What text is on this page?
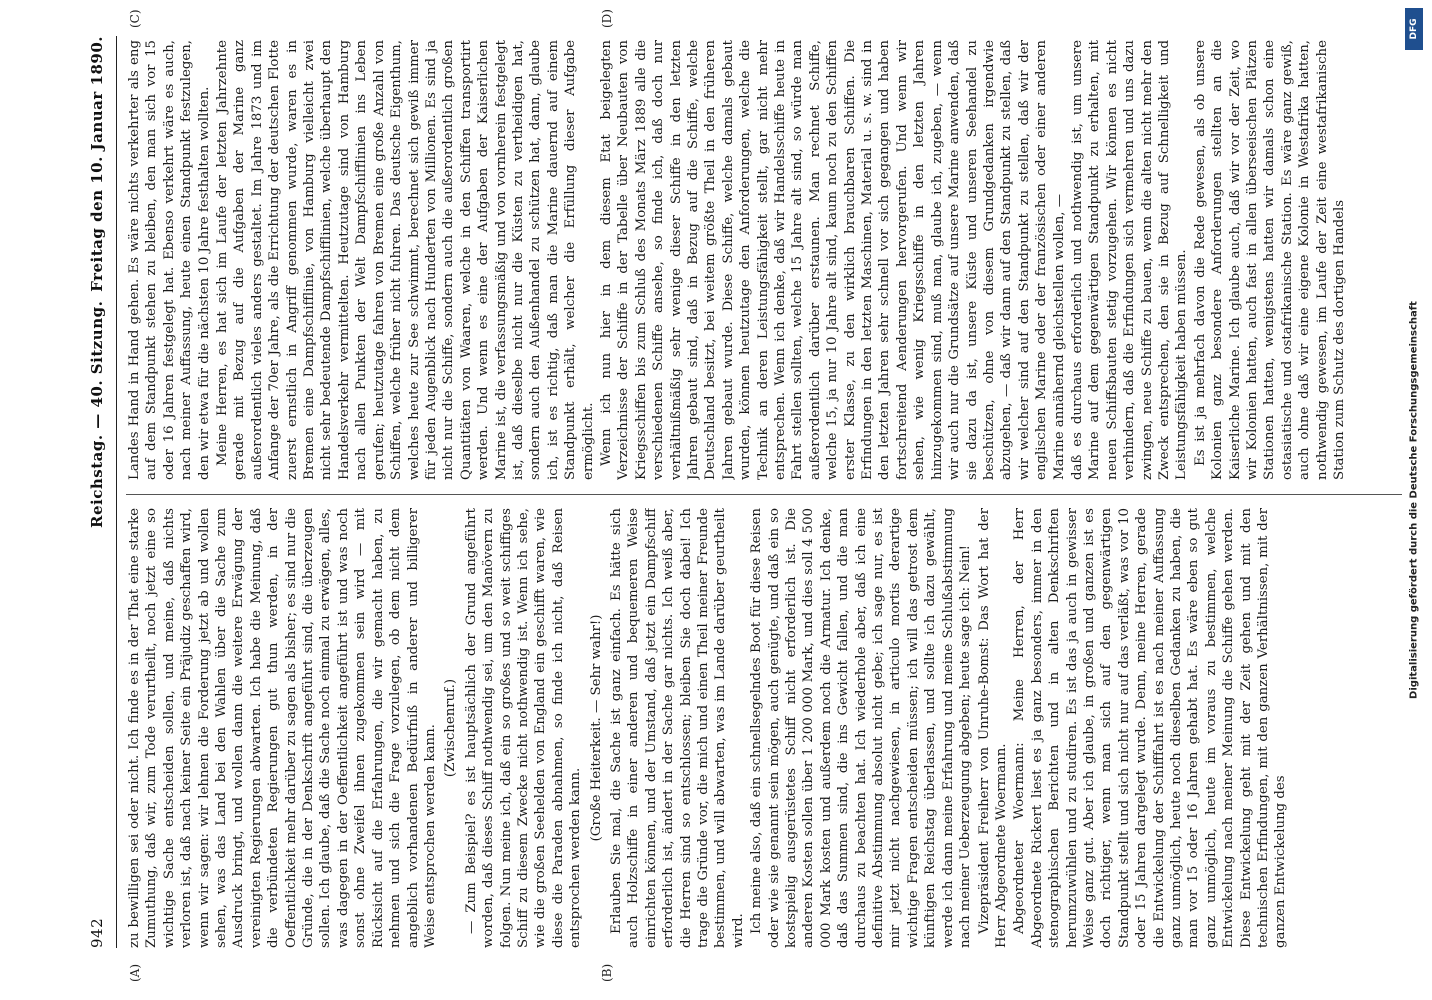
942
Reichstag. — 40. Sitzung.
Freitag den 10. Januar 1890.
(A)	(B)
(C)	(D)

zu bewilligen sei oder nicht. Ich finde es in der That eine starke Zumuthung, daß wir, zum Tode verurtheilt, noch jetzt eine so wichtige Sache entscheiden sollen, und meine, daß nichts verloren ist, daß nach keiner Seite ein Präjudiz geschaffen wird, wenn wir sagen: wir lehnen die Forderung jetzt ab und wollen sehen, was das Land bei den Wahlen über die Sache zum Ausdruck bringt, und wollen dann die weitere Erwägung der vereinigten Regierungen abwarten. Ich habe die Meinung, daß die verbündeten Regierungen gut thun werden, in der Oeffentlichkeit mehr darüber zu sagen als bisher; es sind nur die Gründe, die in der Denkschrift angeführt sind, die überzeugen sollen. Ich glaube, daß die Sache noch einmal zu erwägen, alles, was dagegen in der Oeffentlichkeit angeführt ist und was noch sonst ohne Zweifel ihnen zugekommen sein wird — mit Rücksicht auf die Erfahrungen, die wir gemacht haben, zu nehmen und sich die Frage vorzulegen, ob dem nicht dem angeblich vorhandenen Bedürfniß in anderer und billigerer Weise entsprochen werden kann. (Zwischenruf.) — Zum Beispiel? es ist hauptsächlich der Grund angeführt worden, daß dieses Schiff nothwendig sei, um den Manövern zu folgen. Nun meine ich, daß ein so großes und so weit schiffiges Schiff zu diesem Zwecke nicht nothwendig ist. Wenn ich sehe, wie die großen Seehelden von England ein geschifft waren, wie diese die Paraden abnahmen, so finde ich nicht, daß Reisen entsprochen werden kann.

(Große Heiterkeit. — Sehr wahr!) Erlauben Sie mal, die Sache ist ganz einfach. Es hätte sich auch Holzschiffe in einer anderen und bequemeren Weise einrichten können, und der Umstand, daß jetzt ein Dampfschiff erforderlich ist, ändert in der Sache gar nichts. Ich weiß aber, die Herren sind so entschlossen; bleiben Sie doch dabei! Ich trage die Gründe vor, die mich und einen Theil meiner Freunde bestimmen, und will abwarten, was im Lande darüber geurtheilt wird. Ich meine also, daß ein schnellsegelndes Boot für diese Reisen oder wie sie genannt sein mögen, auch genügte, und daß ein so kostspielig ausgerüstetes Schiff nicht erforderlich ist. Die anderen Kosten sollen über 1 200 000 Mark, und dies soll 4 500 000 Mark kosten und außerdem noch die Armatur. Ich denke, daß das Summen sind, die ins Gewicht fallen, und die man durchaus zu beachten hat. Ich wiederhole aber, daß ich eine definitive Abstimmung absolut nicht gebe; ich sage nur, es ist mir jetzt nicht nachgewiesen, in articulo mortis derartige wichtige Fragen entscheiden müssen; ich will das getrost dem künftigen Reichstag überlassen, und sollte ich dazu gewählt, werde ich dann meine Erfahrung und meine Schlußabstimmung nach meiner Ueberzeugung abgeben; heute sage ich: Nein! Vizepräsident Freiherr von Unruhe-Bomst: Das Wort hat der Herr Abgeordnete Woermann. Abgeordneter Woermann: Meine Herren, der Herr Abgeordnete Rickert liest es ja ganz besonders, immer in den stenographischen Berichten und in alten Denkschriften herumzuwühlen und zu studiren. Es ist das ja auch in gewisser Weise ganz gut. Aber ich glaube, in großen und ganzen ist es doch richtiger, wenn man sich auf den gegenwärtigen Standpunkt stellt und sich nicht nur auf das verläßt, was vor 10 oder 15 Jahren dargelegt wurde. Denn, meine Herren, gerade die Entwickelung der Schifffahrt ist es nach meiner Auffassung ganz unmöglich, heute noch dieselben Gedanken zu haben, die man vor 15 oder 16 Jahren gehabt hat. Es wäre eben so gut ganz unmöglich, heute im voraus zu bestimmen, welche Entwickelung nach meiner Meinung die Schiffe gehen werden. Diese Entwickelung geht mit der Zeit gehen und mit den technischen Erfindungen, mit den ganzen Verhältnissen, mit der ganzen Entwickelung des

Landes Hand in Hand gehen. Es wäre nichts verkehrter als eng auf dem Standpunkt stehen zu bleiben, den man sich vor 15 oder 16 Jahren festgelegt hat. Ebenso verkehrt wäre es auch, nach meiner Auffassung, heute einen Standpunkt festzulegen, den wir etwa für die nächsten 10 Jahre festhalten wollten. Meine Herren, es hat sich im Laufe der letzten Jahrzehnte gerade mit Bezug auf die Aufgaben der Marine ganz außerordentlich vieles anders gestaltet. Im Jahre 1873 und im Anfange der 70er Jahre, als die Errichtung der deutschen Flotte zuerst ernstlich in Angriff genommen wurde, waren es in Bremen eine Dampfschifflinie, von Hamburg vielleicht zwei nicht sehr bedeutende Dampfschifflinien, welche überhaupt den Handelsverkehr vermittelten. Heutzutage sind von Hamburg nach allen Punkten der Welt Dampfschifflinien ins Leben gerufen; heutzutage fahren von Bremen eine große Anzahl von Schiffen, welche früher nicht fuhren. Das deutsche Eigenthum, welches heute zur See schwimmt, berechnet sich gewiß immer für jeden Augenblick nach Hunderten von Millionen. Es sind ja nicht nur die Schiffe, sondern auch die außerordentlich großen Quantitäten von Waaren, welche in den Schiffen transportirt werden. Und wenn es eine der Aufgaben der Kaiserlichen Marine ist, die verfassungsmäßig und von vornherein festgelegt ist, daß dieselbe nicht nur die Küsten zu vertheidigen hat, sondern auch den Außenhandel zu schützen hat, dann, glaube ich, ist es richtig, daß man die Marine dauernd auf einem Standpunkt erhält, welcher die Erfüllung dieser Aufgabe ermöglicht. Wenn ich nun hier in dem diesem Etat beigelegten Verzeichnisse der Schiffe in der Tabelle über Neubauten von Kriegsschiffen bis zum Schluß des Monats März 1889 alle die verschiedenen Schiffe ansehe, so finde ich, daß doch nur verhältnißmäßig sehr wenige dieser Schiffe in den letzten Jahren gebaut sind, daß in Bezug auf die Schiffe, welche Deutschland besitzt, bei weitem größte Theil in den früheren Jahren gebaut wurde. Diese Schiffe, welche damals gebaut wurden, können heutzutage den Anforderungen, welche die Technik an deren Leistungsfähigkeit stellt, gar nicht mehr entsprechen. Wenn ich denke, daß wir Handelsschiffe heute in Fahrt stellen sollten, welche 15 Jahre alt sind, so würde man außerordentlich darüber erstaunen. Man rechnet Schiffe, welche 15, ja nur 10 Jahre alt sind, kaum noch zu den Schiffen erster Klasse, zu den wirklich brauchbaren Schiffen. Die Erfindungen in den letzten Maschinen, Material u. s. w. sind in den letzten Jahren sehr schnell vor sich gegangen und haben fortschreitend Aenderungen hervorgerufen. Und wenn wir sehen, wie wenig Kriegsschiffe in den letzten Jahren hinzugekommen sind, muß man, glaube ich, zugeben, — wenn wir auch nur die Grundsätze auf unsere Marine anwenden, daß sie dazu da ist, unsere Küste und unseren Seehandel zu beschützen, ohne von diesem Grundgedanken irgendwie abzugehen, — daß wir dann auf den Standpunkt zu stellen, daß wir welcher sind auf den Standpunkt zu stellen, daß wir der englischen Marine oder der französischen oder einer anderen Marine annähernd gleichstellen wollen, — daß es durchaus erforderlich und nothwendig ist, um unsere Marine auf dem gegenwärtigen Standpunkt zu erhalten, mit neuen Schiffsbauten stetig vorzugehen. Wir können es nicht verhindern, daß die Erfindungen sich vermehren und uns dazu zwingen, neue Schiffe zu bauen, wenn die alten nicht mehr den Zweck entsprechen, den sie in Bezug auf Schnelligkeit und Leistungsfähigkeit haben müssen. Es ist ja mehrfach davon die Rede gewesen, als ob unsere Kolonien ganz besondere Anforderungen stellten an die Kaiserliche Marine. Ich glaube auch, daß wir vor der Zeit, wo wir Kolonien hatten, auch fast in allen überseeischen Plätzen Stationen hatten, wenigstens hatten wir damals schon eine ostasiatische und ostafrikanische Station. Es wäre ganz gewiß, auch ohne daß wir eine eigene Kolonie in Westafrika hatten, nothwendig gewesen, im Laufe der Zeit eine westafrikanische Station zum Schutz des dortigen Handels

DFG
Digitalisierung gefördert durch die Deutsche Forschungsgemeinschaft
